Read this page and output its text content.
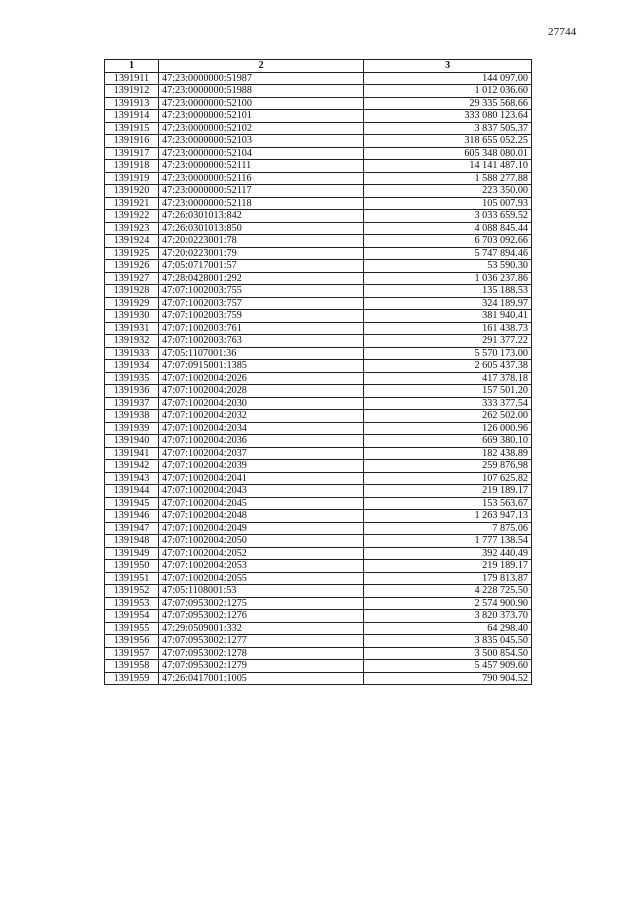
27744
1	2	3
1391911	47:23:0000000:51987	144 097.00
1391912	47:23:0000000:51988	1 012 036.60
1391913	47:23:0000000:52100	29 335 568.66
1391914	47:23:0000000:52101	333 080 123.64
1391915	47:23:0000000:52102	3 837 505.37
1391916	47:23:0000000:52103	318 655 052.25
1391917	47:23:0000000:52104	605 348 080.01
1391918	47:23:0000000:52111	14 141 487.10
1391919	47:23:0000000:52116	1 588 277.88
1391920	47:23:0000000:52117	223 350.00
1391921	47:23:0000000:52118	105 007.93
1391922	47:26:0301013:842	3 033 659.52
1391923	47:26:0301013:850	4 088 845.44
1391924	47:20:0223001:78	6 703 092.66
1391925	47:20:0223001:79	5 747 894.46
1391926	47:05:0717001:57	53 590.30
1391927	47:28:0428001:292	1 036 237.86
1391928	47:07:1002003:755	135 188.53
1391929	47:07:1002003:757	324 189.97
1391930	47:07:1002003:759	381 940.41
1391931	47:07:1002003:761	161 438.73
1391932	47:07:1002003:763	291 377.22
1391933	47:05:1107001:36	5 570 173.00
1391934	47:07:0915001:1385	2 605 437.38
1391935	47:07:1002004:2026	417 378.18
1391936	47:07:1002004:2028	157 501.20
1391937	47:07:1002004:2030	333 377.54
1391938	47:07:1002004:2032	262 502.00
1391939	47:07:1002004:2034	126 000.96
1391940	47:07:1002004:2036	669 380.10
1391941	47:07:1002004:2037	182 438.89
1391942	47:07:1002004:2039	259 876.98
1391943	47:07:1002004:2041	107 625.82
1391944	47:07:1002004:2043	219 189.17
1391945	47:07:1002004:2045	153 563.67
1391946	47:07:1002004:2048	1 263 947.13
1391947	47:07:1002004:2049	7 875.06
1391948	47:07:1002004:2050	1 777 138.54
1391949	47:07:1002004:2052	392 440.49
1391950	47:07:1002004:2053	219 189.17
1391951	47:07:1002004:2055	179 813.87
1391952	47:05:1108001:53	4 228 725.50
1391953	47:07:0953002:1275	2 574 900.90
1391954	47:07:0953002:1276	3 820 373.70
1391955	47:29:0509001:332	64 298.40
1391956	47:07:0953002:1277	3 835 045.50
1391957	47:07:0953002:1278	3 500 854.50
1391958	47:07:0953002:1279	5 457 909.60
1391959	47:26:0417001:1005	790 904.52
